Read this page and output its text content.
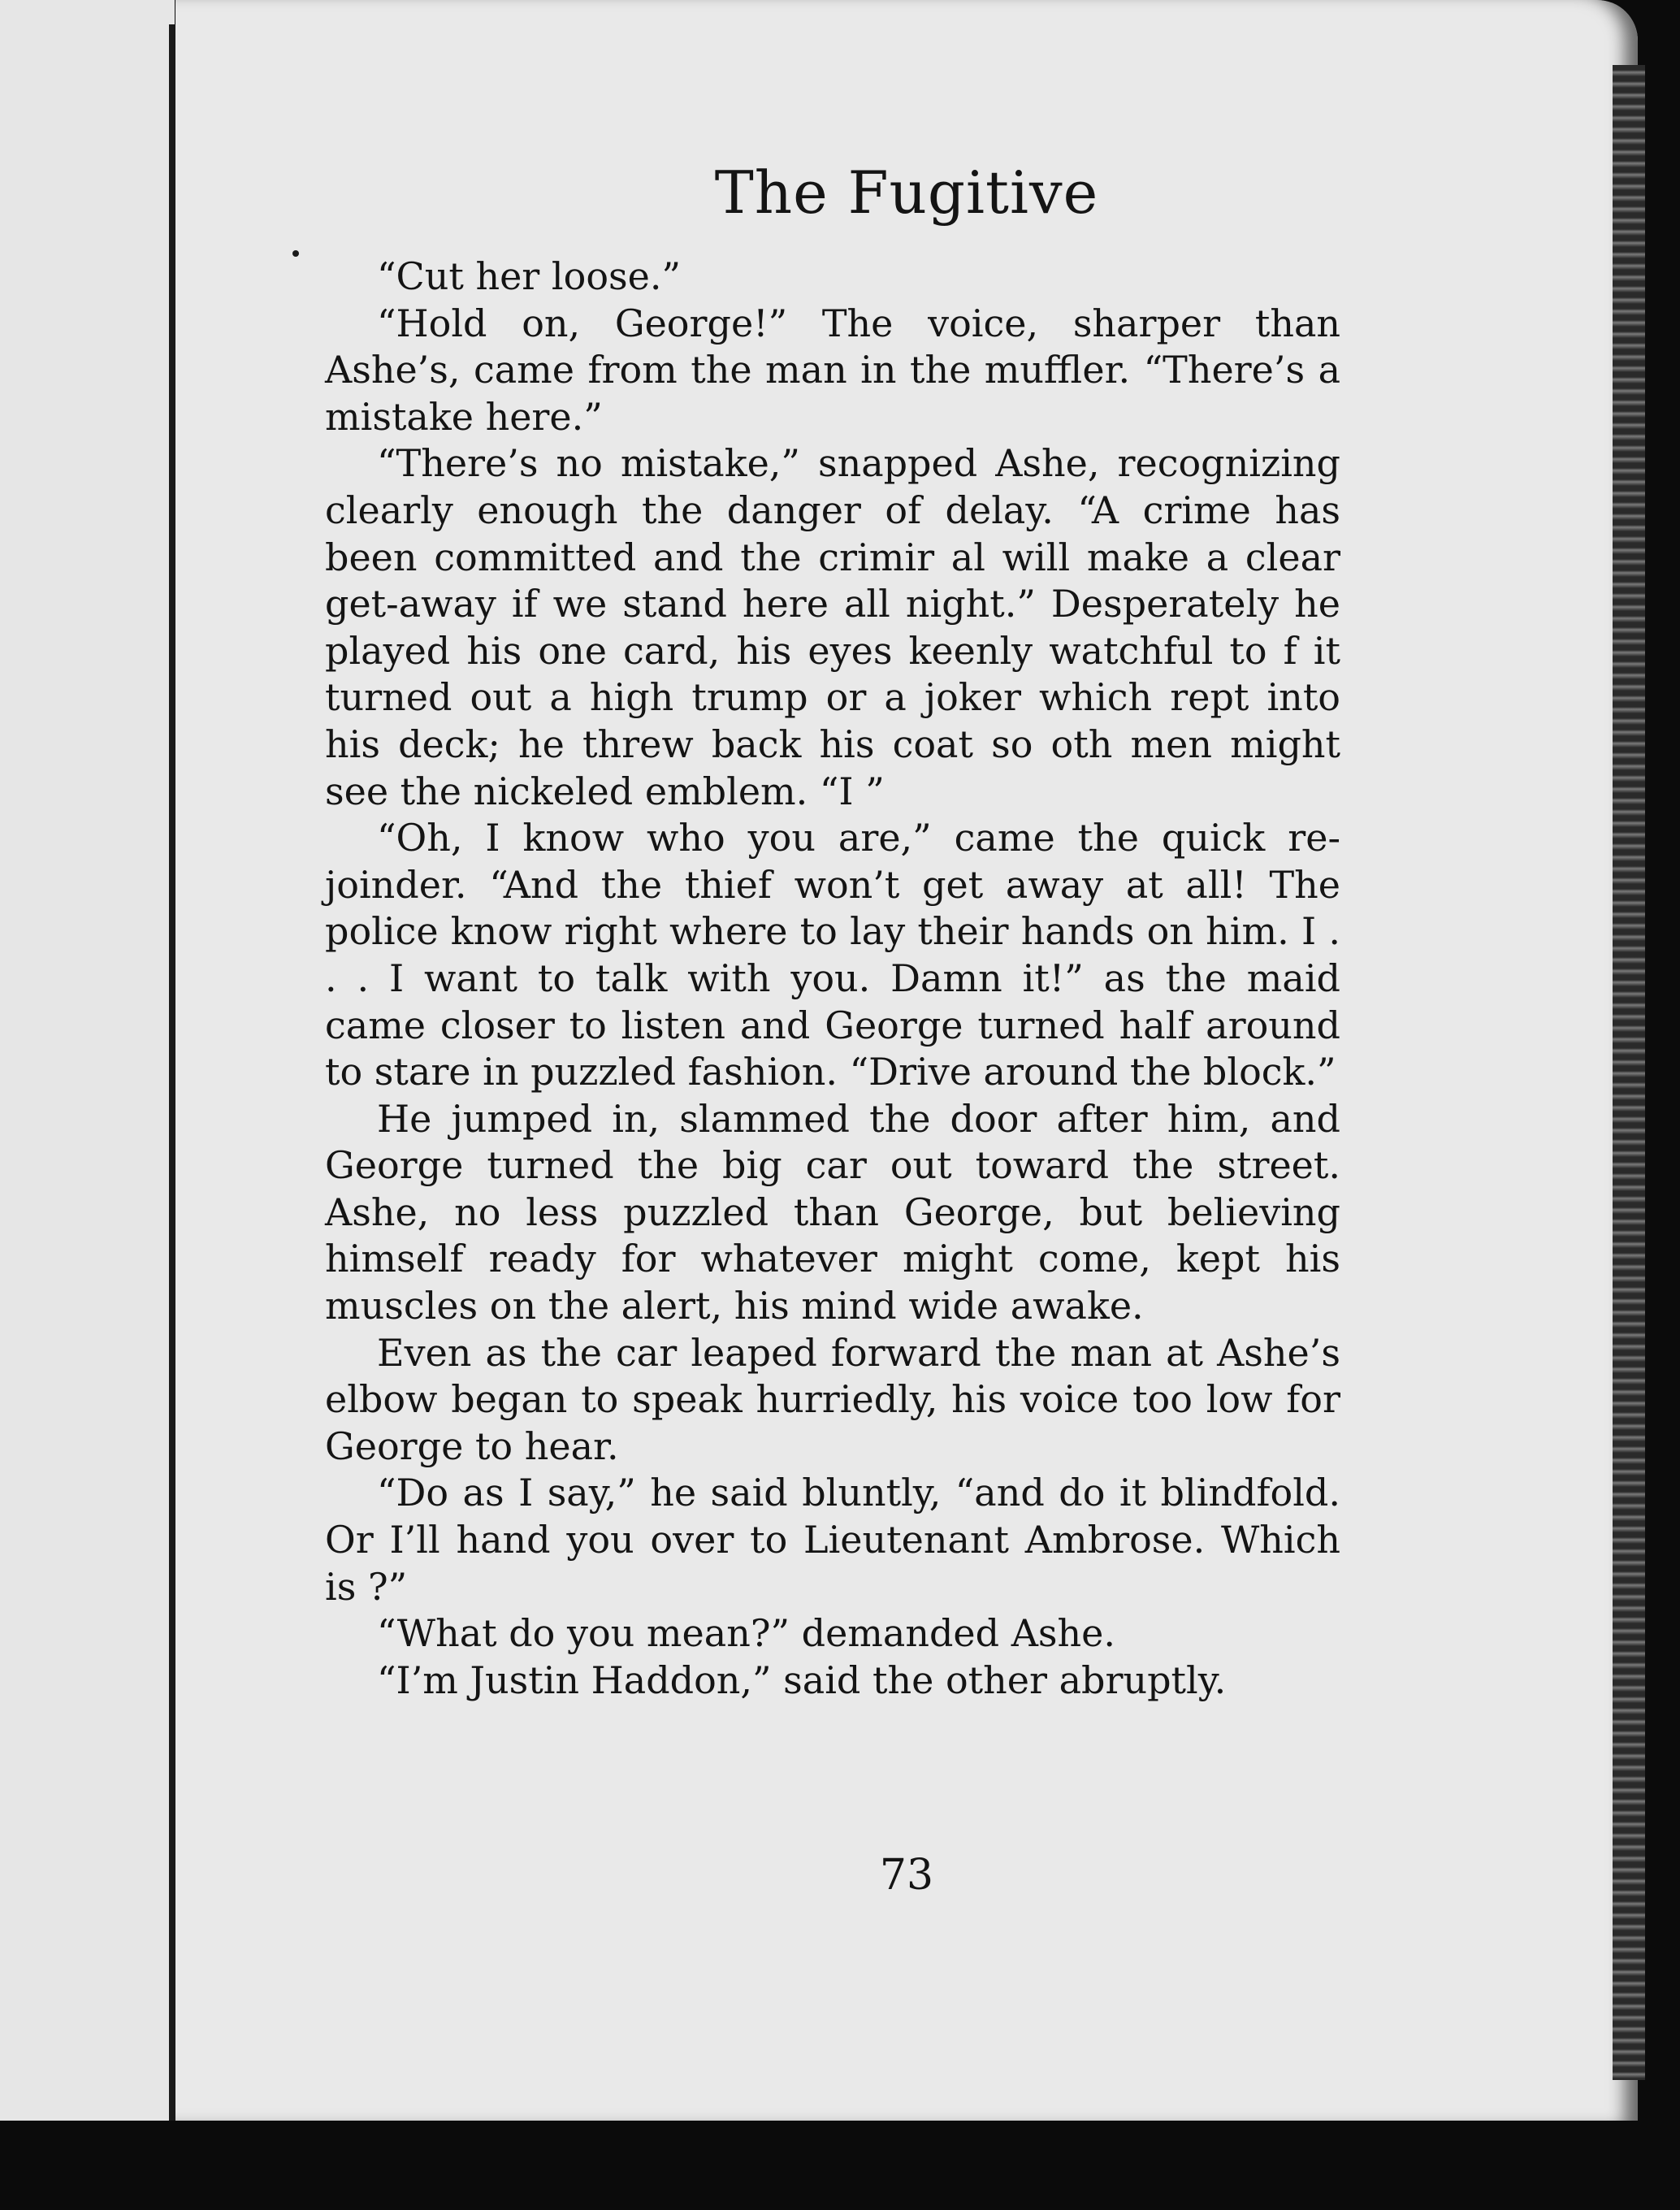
The Fugitive

“Cut her loose.”

“Hold on, George!” The voice, sharper than Ashe’s, came from the man in the muffler. “There’s a mistake here.”

“There’s no mistake,” snapped Ashe, recognizing clearly enough the danger of delay. “A crime has been committed and the crimir al will make a clear get-away if we stand here all night.” Desperately he played his one card, his eyes keenly watchful to f it turned out a high trump or a joker which rept into his deck; he threw back his coat so oth men might see the nickeled emblem. “I ”

“Oh, I know who you are,” came the quick rejoinder. “And the thief won’t get away at all! The police know right where to lay their hands on him. I . . . I want to talk with you. Damn it!” as the maid came closer to listen and George turned half around to stare in puzzled fashion. “Drive around the block.”

He jumped in, slammed the door after him, and George turned the big car out toward the street. Ashe, no less puzzled than George, but believing himself ready for whatever might come, kept his muscles on the alert, his mind wide awake.

Even as the car leaped forward the man at Ashe’s elbow began to speak hurriedly, his voice too low for George to hear.

“Do as I say,” he said bluntly, “and do it blindfold. Or I’ll hand you over to Lieutenant Ambrose. Which is ?”

“What do you mean?” demanded Ashe.

“I’m Justin Haddon,” said the other abruptly.

73
